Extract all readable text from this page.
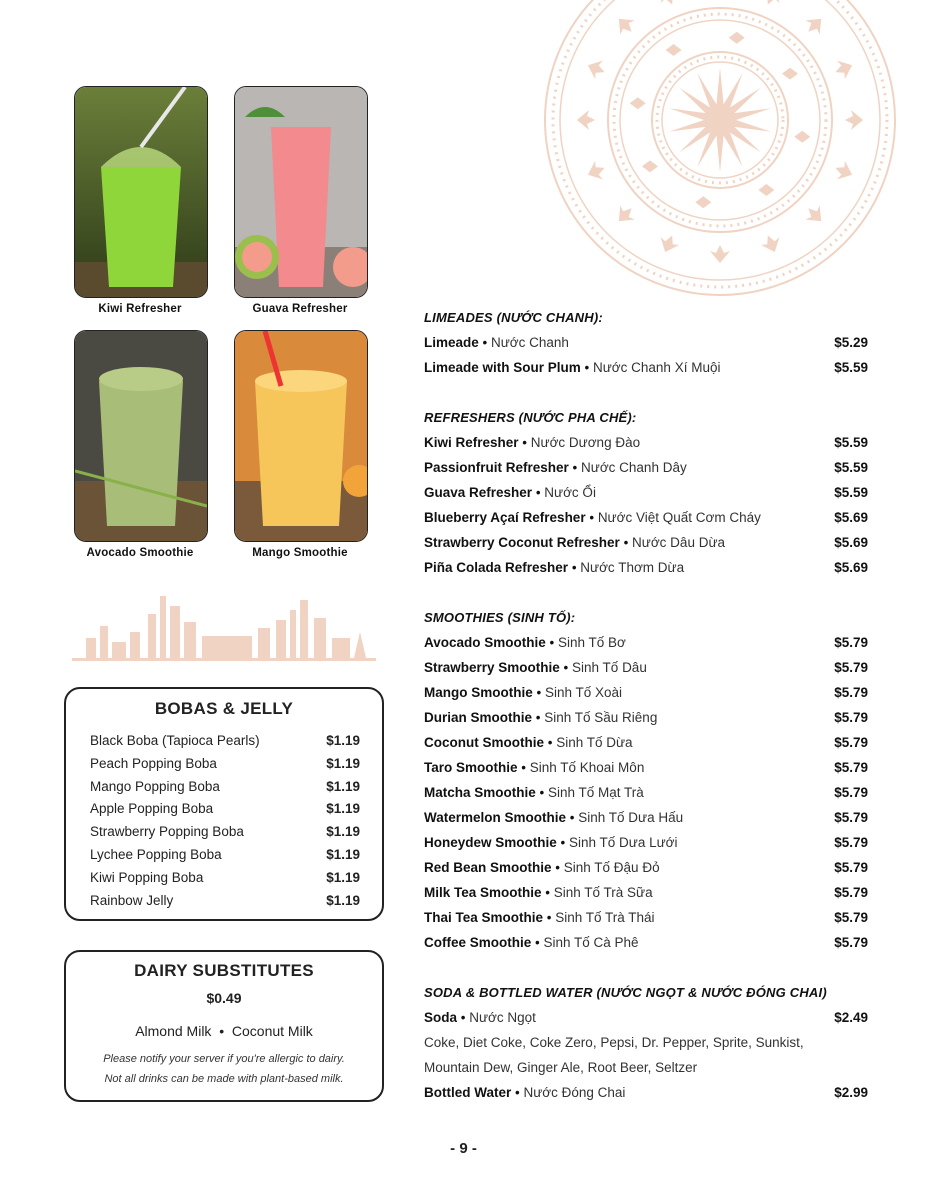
Kiwi Refresher	Guava Refresher
Avocado Smoothie	Mango Smoothie
BOBAS & JELLY
Black Boba (Tapioca Pearls)	$1.19
Peach Popping Boba	$1.19
Mango Popping Boba	$1.19
Apple Popping Boba	$1.19
Strawberry Popping Boba	$1.19
Lychee Popping Boba	$1.19
Kiwi Popping Boba	$1.19
Rainbow Jelly	$1.19
DAIRY SUBSTITUTES
$0.49
Almond Milk  •  Coconut Milk
Please notify your server if you're allergic to dairy.
Not all drinks can be made with plant-based milk.
LIMEADES (NƯỚC CHANH):
Limeade • Nước Chanh	$5.29
Limeade with Sour Plum • Nước Chanh Xí Muội	$5.59
REFRESHERS (NƯỚC PHA CHẾ):
Kiwi Refresher • Nước Dương Đào	$5.59
Passionfruit Refresher • Nước Chanh Dây	$5.59
Guava Refresher • Nước Ổi	$5.59
Blueberry Açaí Refresher • Nước Việt Quất Cơm Cháy	$5.69
Strawberry Coconut Refresher • Nước Dâu Dừa	$5.69
Piña Colada Refresher • Nước Thơm Dừa	$5.69
SMOOTHIES (SINH TỐ):
Avocado Smoothie • Sinh Tố Bơ	$5.79
Strawberry Smoothie • Sinh Tố Dâu	$5.79
Mango Smoothie • Sinh Tố Xoài	$5.79
Durian Smoothie • Sinh Tố Sầu Riêng	$5.79
Coconut Smoothie • Sinh Tố Dừa	$5.79
Taro Smoothie • Sinh Tố Khoai Môn	$5.79
Matcha Smoothie • Sinh Tố Mạt Trà	$5.79
Watermelon Smoothie • Sinh Tố Dưa Hấu	$5.79
Honeydew Smoothie • Sinh Tố Dưa Lưới	$5.79
Red Bean Smoothie • Sinh Tố Đậu Đỏ	$5.79
Milk Tea Smoothie • Sinh Tố Trà Sữa	$5.79
Thai Tea Smoothie • Sinh Tố Trà Thái	$5.79
Coffee Smoothie • Sinh Tố Cà Phê	$5.79
SODA & BOTTLED WATER (NƯỚC NGỌT & NƯỚC ĐÓNG CHAI)
Soda • Nước Ngọt	$2.49
Coke, Diet Coke, Coke Zero, Pepsi, Dr. Pepper, Sprite, Sunkist,
Mountain Dew, Ginger Ale, Root Beer, Seltzer
Bottled Water • Nước Đóng Chai	$2.99
- 9 -
